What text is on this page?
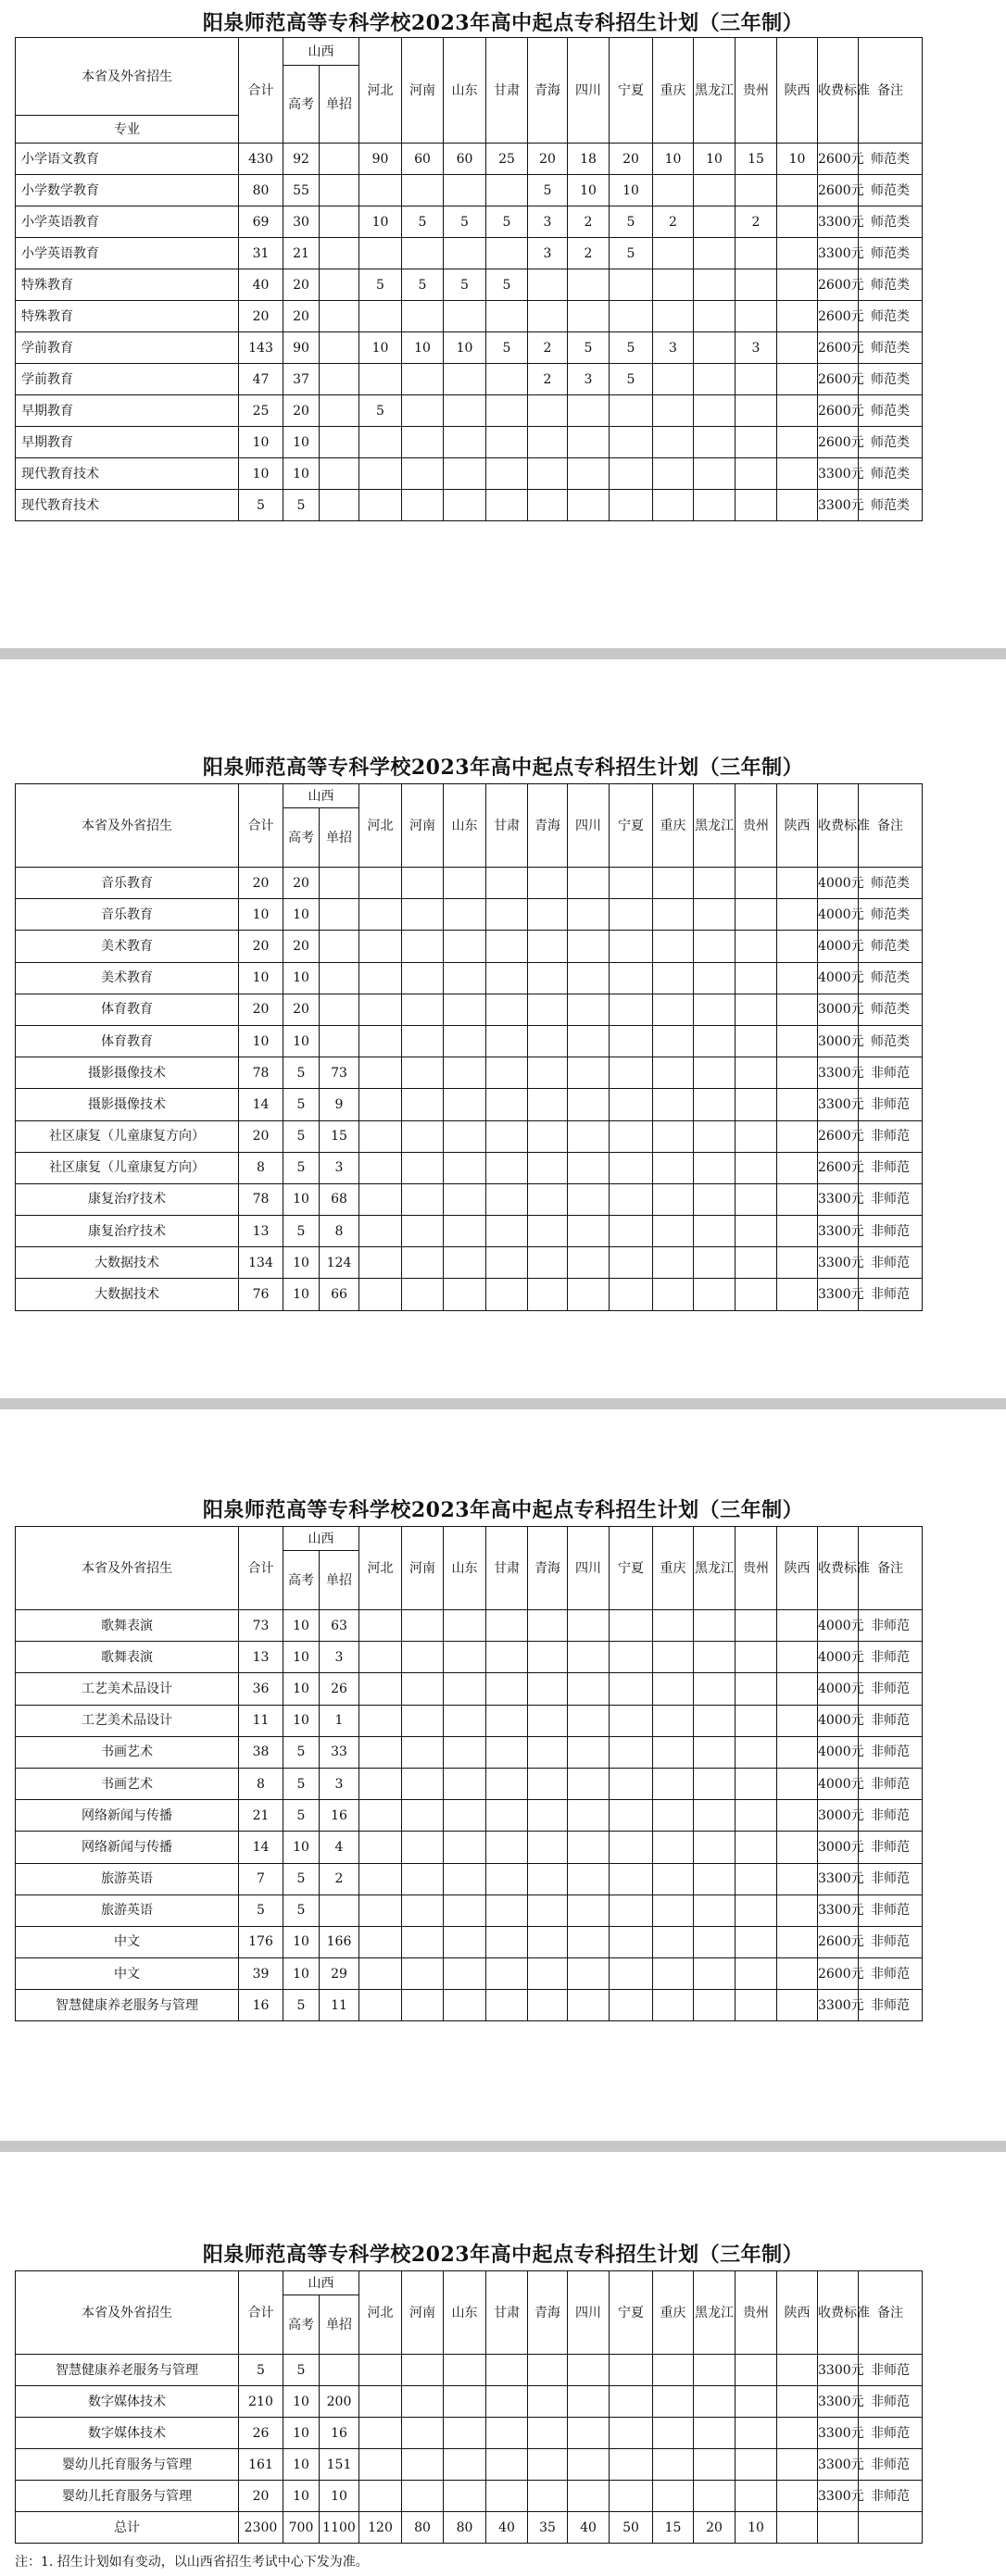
阳泉师范高等专科学校2023年高中起点专科招生计划（三年制）
本省及外省招生	合计	山西		河北	河南	山东	甘肃	青海	四川	宁夏	重庆	黑龙江	贵州	陕西	收费标准	备注
		高考	单招													
专业	
小学语文教育		430	92		90	60	60	25	20	18	20	10	10	15	10	2600元	师范类
小学数学教育		80	55						5	10	10					2600元	师范类
小学英语教育		69	30		10	5	5	5	3	2	5	2		2		3300元	师范类
小学英语教育		31	21						3	2	5					3300元	师范类
特殊教育		40	20		5	5	5	5								2600元	师范类
特殊教育		20	20													2600元	师范类
学前教育		143	90		10	10	10	5	2	5	5	3		3		2600元	师范类
学前教育		47	37						2	3	5					2600元	师范类
早期教育		25	20		5											2600元	师范类
早期教育		10	10													2600元	师范类
现代教育技术		10	10													3300元	师范类
现代教育技术		5	5													3300元	师范类
阳泉师范高等专科学校2023年高中起点专科招生计划（三年制）
本省及外省招生	合计	山西		河北	河南	山东	甘肃	青海	四川	宁夏	重庆	黑龙江	贵州	陕西	收费标准	备注
		高考	单招													

音乐教育		20	20													4000元	师范类
音乐教育		10	10													4000元	师范类
美术教育		20	20													4000元	师范类
美术教育		10	10													4000元	师范类
体育教育		20	20													3000元	师范类
体育教育		10	10													3000元	师范类
摄影摄像技术		78	5	73												3300元	非师范
摄影摄像技术		14	5	9												3300元	非师范
社区康复（儿童康复方向）		20	5	15												2600元	非师范
社区康复（儿童康复方向）		8	5	3												2600元	非师范
康复治疗技术		78	10	68												3300元	非师范
康复治疗技术		13	5	8												3300元	非师范
大数据技术		134	10	124												3300元	非师范
大数据技术		76	10	66												3300元	非师范
阳泉师范高等专科学校2023年高中起点专科招生计划（三年制）
本省及外省招生	合计	山西		河北	河南	山东	甘肃	青海	四川	宁夏	重庆	黑龙江	贵州	陕西	收费标准	备注
		高考	单招													

歌舞表演		73	10	63												4000元	非师范
歌舞表演		13	10	3												4000元	非师范
工艺美术品设计		36	10	26												4000元	非师范
工艺美术品设计		11	10	1												4000元	非师范
书画艺术		38	5	33												4000元	非师范
书画艺术		8	5	3												4000元	非师范
网络新闻与传播		21	5	16												3000元	非师范
网络新闻与传播		14	10	4												3000元	非师范
旅游英语		7	5	2												3300元	非师范
旅游英语		5	5													3300元	非师范
中文		176	10	166												2600元	非师范
中文		39	10	29												2600元	非师范
智慧健康养老服务与管理		16	5	11												3300元	非师范
阳泉师范高等专科学校2023年高中起点专科招生计划（三年制）
本省及外省招生	合计	山西		河北	河南	山东	甘肃	青海	四川	宁夏	重庆	黑龙江	贵州	陕西	收费标准	备注
		高考	单招													

智慧健康养老服务与管理		5	5													3300元	非师范
数字媒体技术		210	10	200												3300元	非师范
数字媒体技术		26	10	16												3300元	非师范
婴幼儿托育服务与管理		161	10	151												3300元	非师范
婴幼儿托育服务与管理		20	10	10												3300元	非师范
总计	2300	700	1100	120	80	80	40	35	40	50	15	20	10			
注：1. 招生计划如有变动，以山西省招生考试中心下发为准。
